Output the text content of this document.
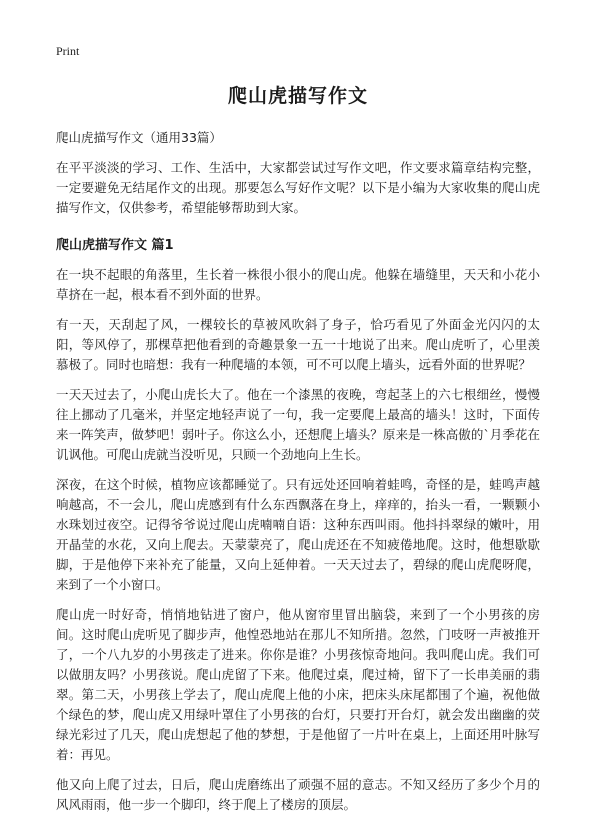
Print
爬山虎描写作文

爬山虎描写作文（通用33篇）

在平平淡淡的学习、工作、生活中，大家都尝试过写作文吧，作文要求篇章结构完整，一定要避免无结尾作文的出现。那要怎么写好作文呢？以下是小编为大家收集的爬山虎描写作文，仅供参考，希望能够帮助到大家。

爬山虎描写作文 篇1

在一块不起眼的角落里，生长着一株很小很小的爬山虎。他躲在墙缝里，天天和小花小草挤在一起，根本看不到外面的世界。

有一天，天刮起了风，一棵较长的草被风吹斜了身子，恰巧看见了外面金光闪闪的太阳，等风停了，那棵草把他看到的奇趣景象一五一十地说了出来。爬山虎听了，心里羡慕极了。同时也暗想：我有一种爬墙的本领，可不可以爬上墙头，远看外面的世界呢？

一天天过去了，小爬山虎长大了。他在一个漆黑的夜晚，弯起茎上的六七根细丝，慢慢往上挪动了几毫米，并坚定地轻声说了一句，我一定要爬上最高的墙头！这时，下面传来一阵笑声，做梦吧！弱叶子。你这么小，还想爬上墙头？原来是一株高傲的`月季花在讥讽他。可爬山虎就当没听见，只顾一个劲地向上生长。

深夜，在这个时候，植物应该都睡觉了。只有远处还回响着蛙鸣，奇怪的是，蛙鸣声越响越高，不一会儿，爬山虎感到有什么东西飘落在身上，痒痒的，抬头一看，一颗颗小水珠划过夜空。记得爷爷说过爬山虎喃喃自语：这种东西叫雨。他抖抖翠绿的嫩叶，用开晶莹的水花，又向上爬去。天蒙蒙亮了，爬山虎还在不知疲倦地爬。这时，他想歇歇脚，于是他停下来补充了能量，又向上延伸着。一天天过去了，碧绿的爬山虎爬呀爬，来到了一个小窗口。

爬山虎一时好奇，悄悄地钻进了窗户，他从窗帘里冒出脑袋，来到了一个小男孩的房间。这时爬山虎听见了脚步声，他惶恐地站在那儿不知所措。忽然，门吱呀一声被推开了，一个八九岁的小男孩走了进来。你你是谁？小男孩惊奇地问。我叫爬山虎。我们可以做朋友吗？小男孩说。爬山虎留了下来。他爬过桌，爬过椅，留下了一长串美丽的翡翠。第二天，小男孩上学去了，爬山虎爬上他的小床，把床头床尾都围了个遍，祝他做个绿色的梦，爬山虎又用绿叶罩住了小男孩的台灯，只要打开台灯，就会发出幽幽的荧绿光彩过了几天，爬山虎想起了他的梦想，于是他留了一片叶在桌上，上面还用叶脉写着：再见。

他又向上爬了过去，日后，爬山虎磨练出了顽强不屈的意志。不知又经历了多少个月的风风雨雨，他一步一个脚印，终于爬上了楼房的顶层。
